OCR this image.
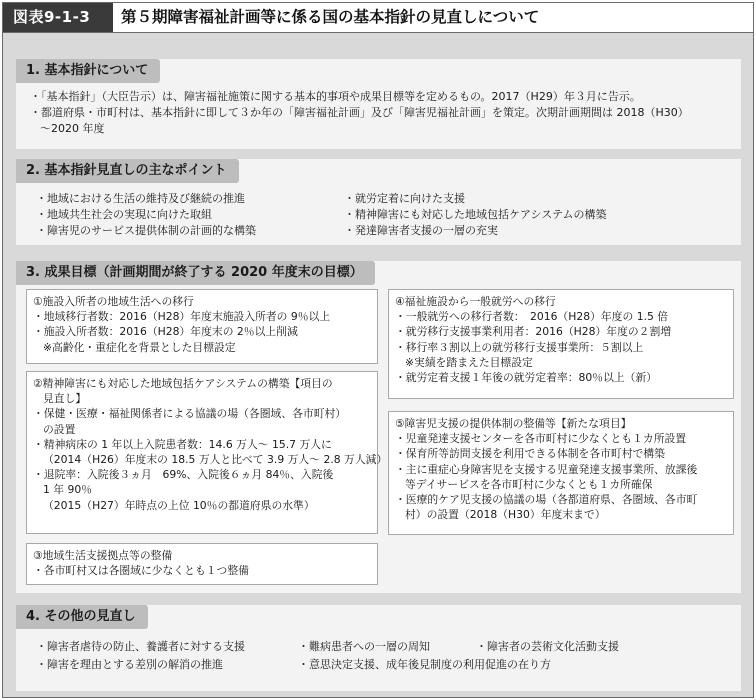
図表9-1-3	第５期障害福祉計画等に係る国の基本指針の見直しについて
1. 基本指針について
・「基本指針」（大臣告示）は、障害福祉施策に関する基本的事項や成果目標等を定めるもの。2017（H29）年３月に告示。
・都道府県・市町村は、基本指針に即して３か年の「障害福祉計画」及び「障害児福祉計画」を策定。次期計画期間は 2018（H30）
〜2020 年度
2. 基本指針見直しの主なポイント
・地域における生活の維持及び継続の推進
・地域共生社会の実現に向けた取組
・障害児のサービス提供体制の計画的な構築
・就労定着に向けた支援
・精神障害にも対応した地域包括ケアシステムの構築
・発達障害者支援の一層の充実
3. 成果目標（計画期間が終了する 2020 年度末の目標）
①施設入所者の地域生活への移行
・地域移行者数：2016（H28）年度末施設入所者の 9％以上
・施設入所者数：2016（H28）年度末の 2％以上削減
※高齢化・重症化を背景とした目標設定
②精神障害にも対応した地域包括ケアシステムの構築【項目の
見直し】
・保健・医療・福祉関係者による協議の場（各圏域、各市町村）
の設置
・精神病床の 1 年以上入院患者数：14.6 万人〜 15.7 万人に
（2014（H26）年度末の 18.5 万人と比べて 3.9 万人〜 2.8 万人減）
・退院率：入院後３ヵ月　69%、入院後６ヵ月 84％、入院後
1 年 90％
（2015（H27）年時点の上位 10％の都道府県の水準）
③地域生活支援拠点等の整備
・各市町村又は各圏域に少なくとも１つ整備
④福祉施設から一般就労への移行
・一般就労への移行者数：　2016（H28）年度の 1.5 倍
・就労移行支援事業利用者：2016（H28）年度の２割増
・移行率３割以上の就労移行支援事業所：５割以上
※実績を踏まえた目標設定
・就労定着支援１年後の就労定着率：80％以上（新）
⑤障害児支援の提供体制の整備等【新たな項目】
・児童発達支援センターを各市町村に少なくとも１カ所設置
・保育所等訪問支援を利用できる体制を各市町村で構築
・主に重症心身障害児を支援する児童発達支援事業所、放課後
等デイサービスを各市町村に少なくとも１カ所確保
・医療的ケア児支援の協議の場（各都道府県、各圏域、各市町
村）の設置（2018（H30）年度末まで）
4. その他の見直し
・障害者虐待の防止、養護者に対する支援	・難病患者への一層の周知	・障害者の芸術文化活動支援
・障害を理由とする差別の解消の推進	・意思決定支援、成年後見制度の利用促進の在り方
